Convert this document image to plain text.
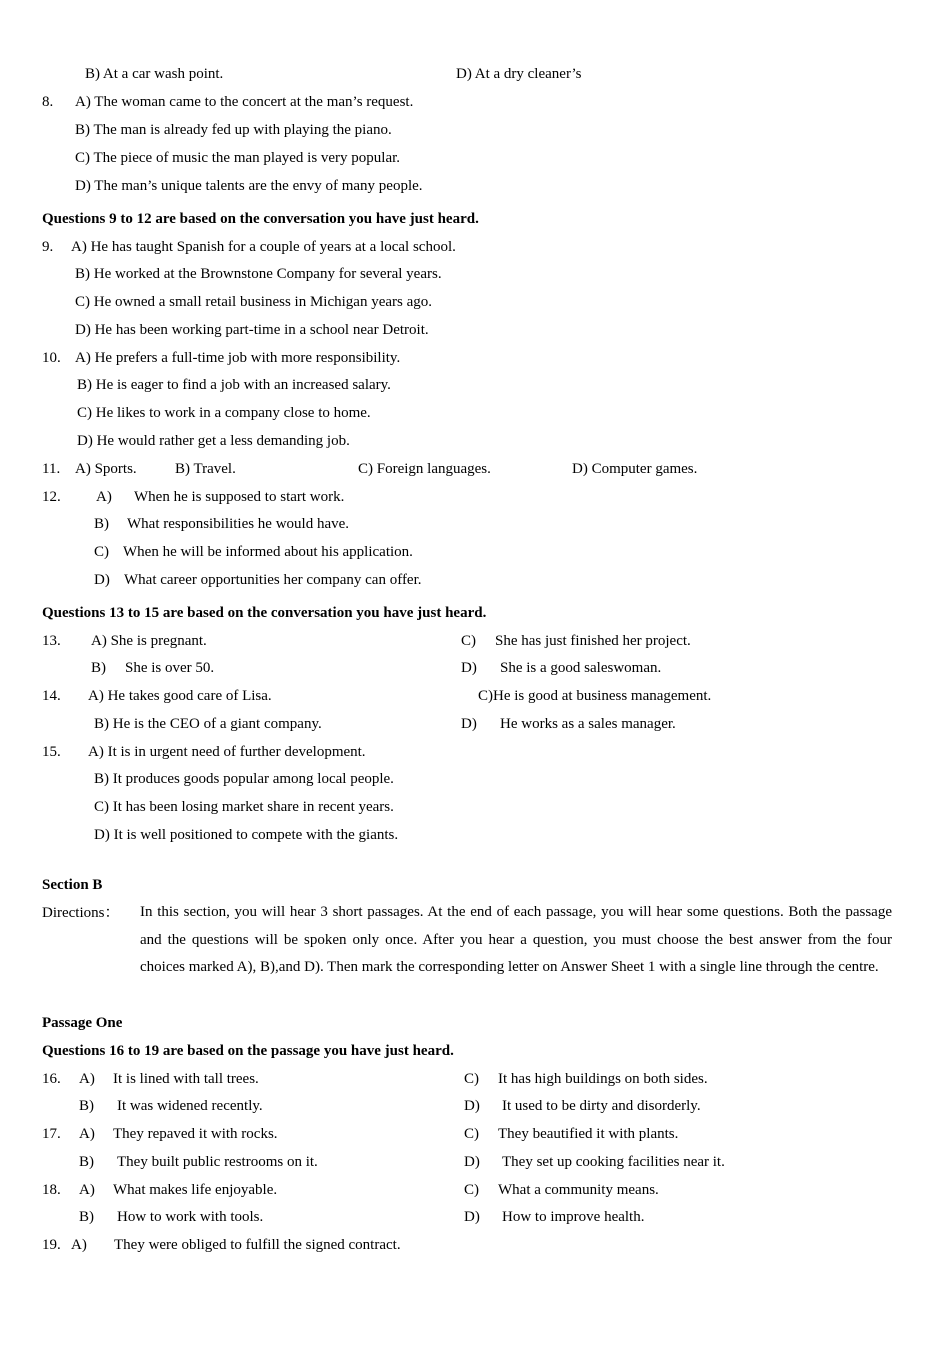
B) At a car wash point.	D) At a dry cleaner’s
8. A) The woman came to the concert at the man’s request.
B) The man is already fed up with playing the piano.
C) The piece of music the man played is very popular.
D) The man’s unique talents are the envy of many people.
Questions 9 to 12 are based on the conversation you have just heard.
9. A) He has taught Spanish for a couple of years at a local school.
B) He worked at the Brownstone Company for several years.
C) He owned a small retail business in Michigan years ago.
D) He has been working part-time in a school near Detroit.
10. A) He prefers a full-time job with more responsibility.
B) He is eager to find a job with an increased salary.
C) He likes to work in a company close to home.
D) He would rather get a less demanding job.
11. A) Sports.	B) Travel.	C) Foreign languages.	D) Computer games.
12. A) When he is supposed to start work.
B) What responsibilities he would have.
C) When he will be informed about his application.
D) What career opportunities her company can offer.
Questions 13 to 15 are based on the conversation you have just heard.
13. A) She is pregnant.	C) She has just finished her project.
B) She is over 50.	D) She is a good saleswoman.
14. A) He takes good care of Lisa.	C)He is good at business management.
B) He is the CEO of a giant company.	D) He works as a sales manager.
15. A) It is in urgent need of further development.
B) It produces goods popular among local people.
C) It has been losing market share in recent years.
D) It is well positioned to compete with the giants.
Section B
Directions： In this section, you will hear 3 short passages. At the end of each passage, you will hear some questions. Both the passage and the questions will be spoken only once. After you hear a question, you must choose the best answer from the four choices marked A), B),and D). Then mark the corresponding letter on Answer Sheet 1 with a single line through the centre.
Passage One
Questions 16 to 19 are based on the passage you have just heard.
16. A) It is lined with tall trees.	C) It has high buildings on both sides.
B) It was widened recently.	D) It used to be dirty and disorderly.
17. A) They repaved it with rocks.	C) They beautified it with plants.
B) They built public restrooms on it.	D) They set up cooking facilities near it.
18. A) What makes life enjoyable.	C) What a community means.
B) How to work with tools.	D) How to improve health.
19. A) They were obliged to fulfill the signed contract.
